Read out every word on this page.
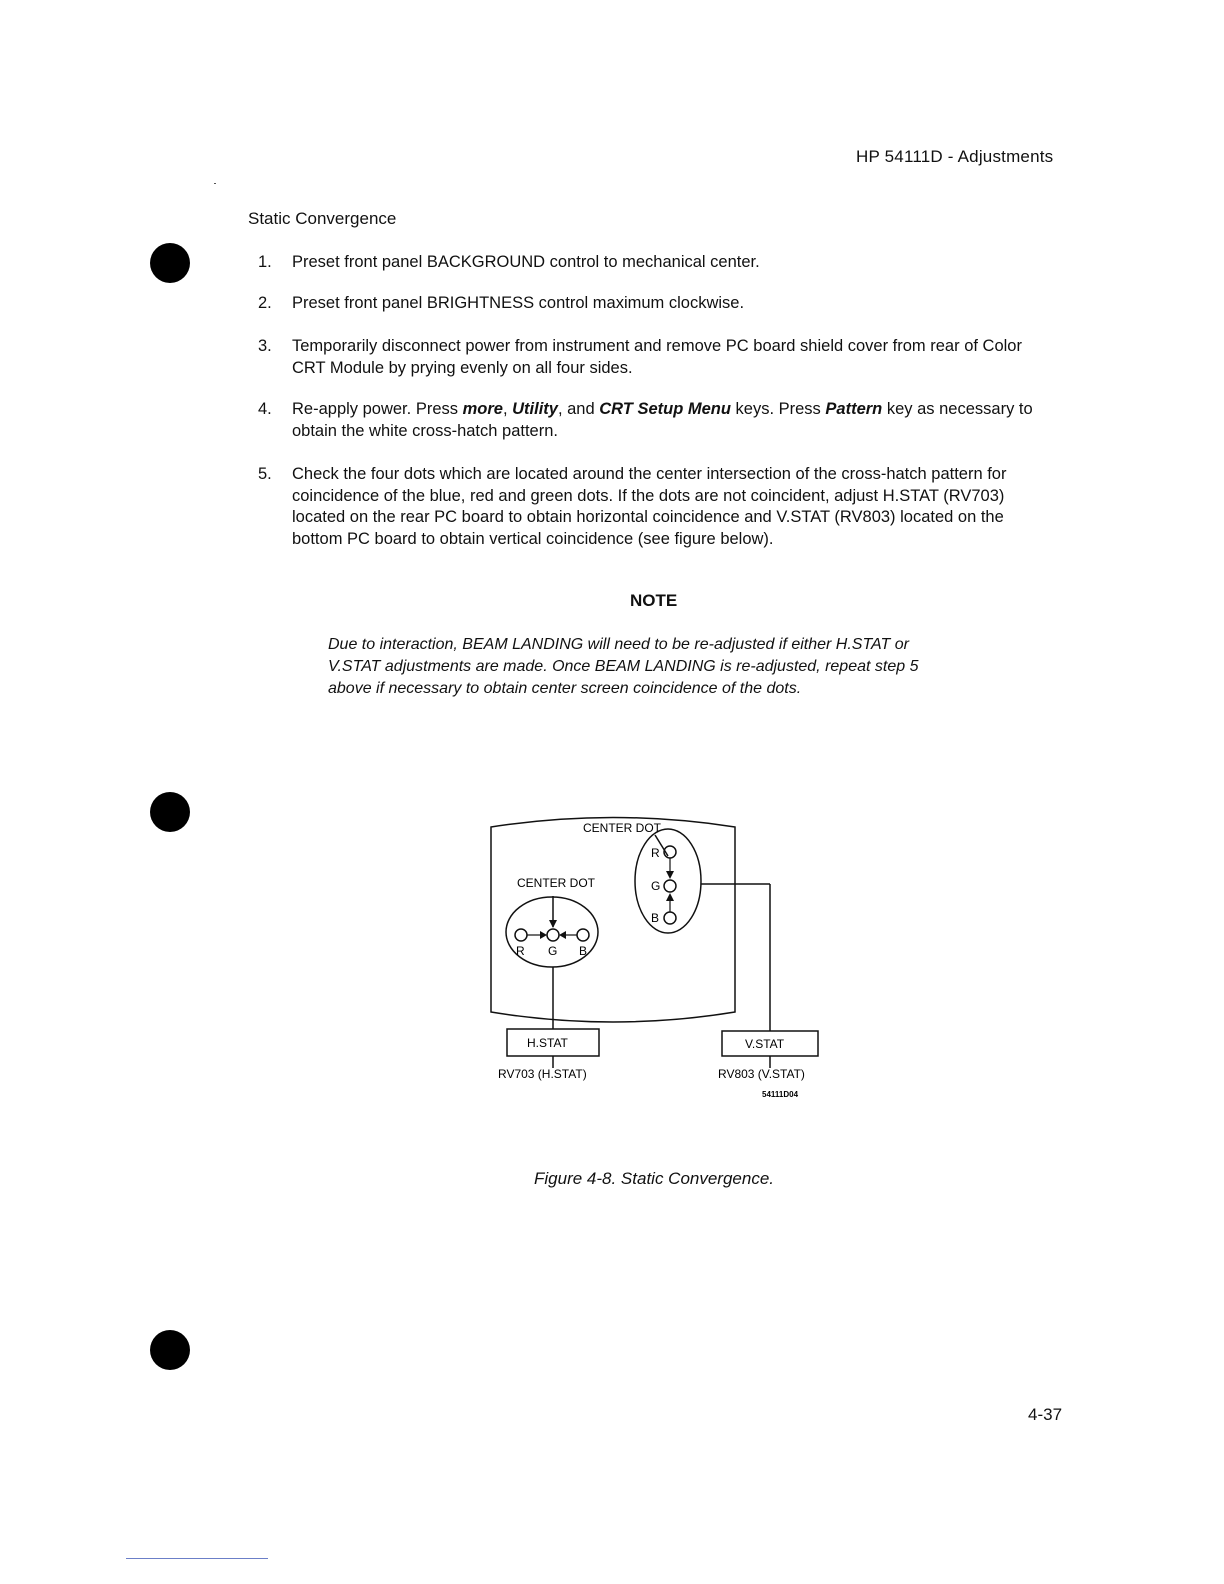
HP 54111D - Adjustments
Static Convergence
1.	Preset front panel BACKGROUND control to mechanical center.
2.	Preset front panel BRIGHTNESS control maximum clockwise.
3.	Temporarily disconnect power from instrument and remove PC board shield cover from rear of Color CRT Module by prying evenly on all four sides.
4.	Re-apply power. Press more, Utility, and CRT Setup Menu keys. Press Pattern key as necessary to obtain the white cross-hatch pattern.
5.	Check the four dots which are located around the center intersection of the cross-hatch pattern for coincidence of the blue, red and green dots. If the dots are not coincident, adjust H.STAT (RV703) located on the rear PC board to obtain horizontal coincidence and V.STAT (RV803) located on the bottom PC board to obtain vertical coincidence (see figure below).
NOTE
Due to interaction, BEAM LANDING will need to be re-adjusted if either H.STAT or V.STAT adjustments are made. Once BEAM LANDING is re-adjusted, repeat step 5 above if necessary to obtain center screen coincidence of the dots.
CENTER DOT
CENTER DOT
R
G
B
R G B
H.STAT	V.STAT
RV703 (H.STAT)	RV803 (V.STAT)
54111D04
Figure 4-8. Static Convergence.
4-37
